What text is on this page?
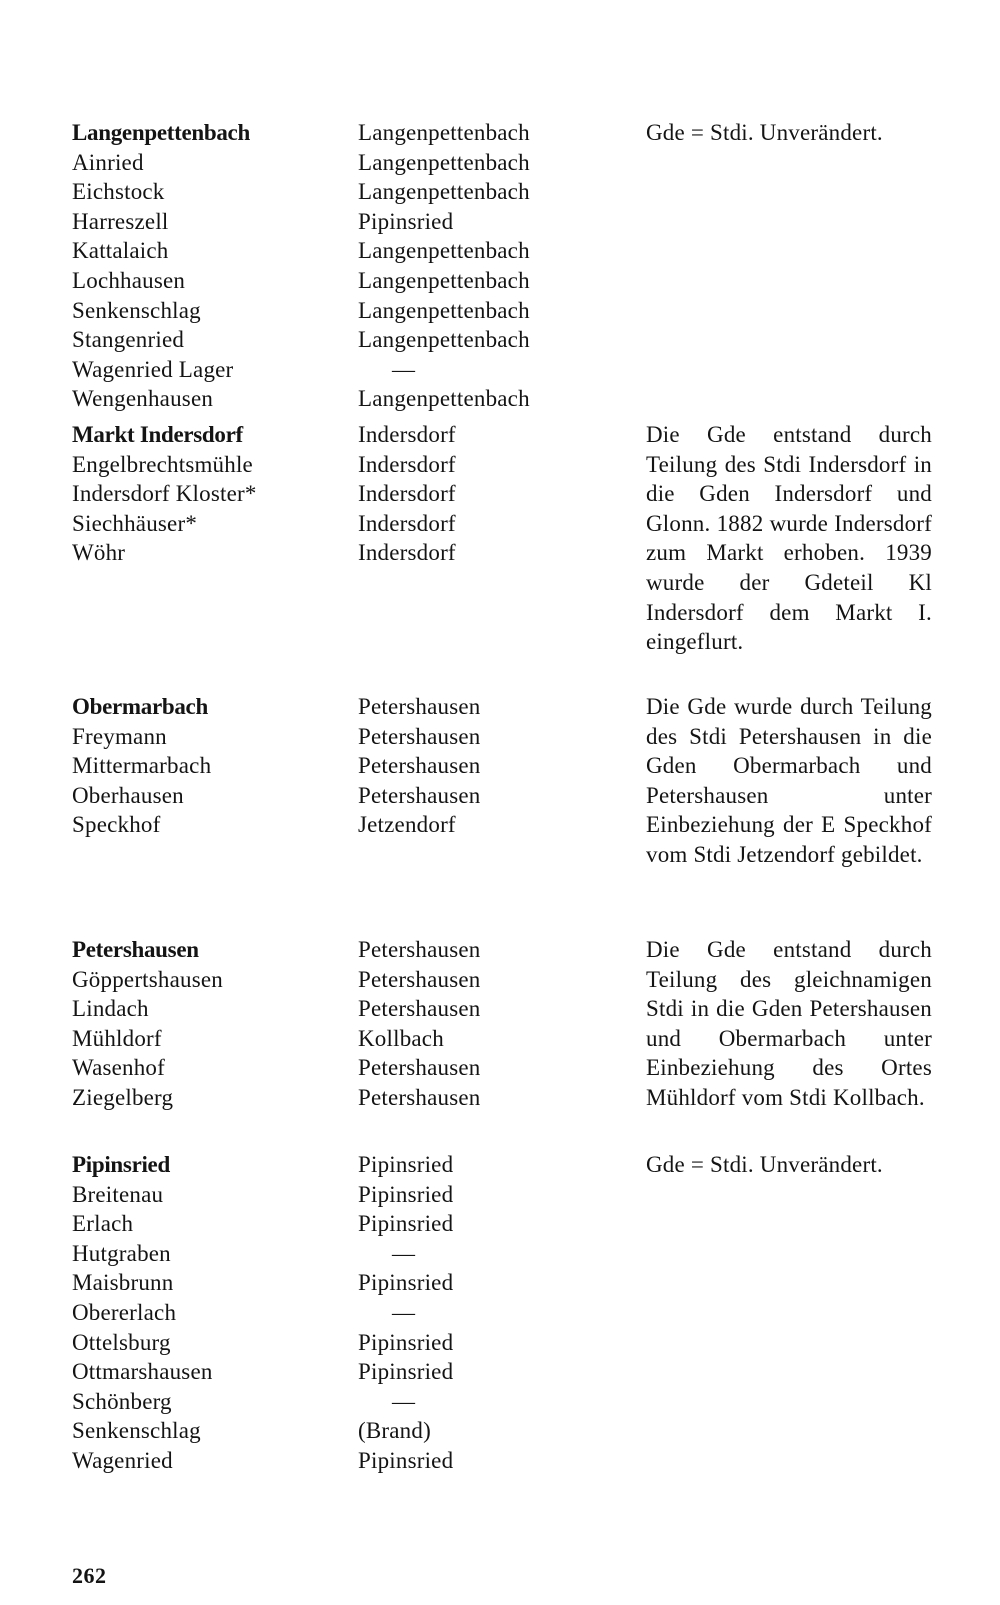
Langenpettenbach
Ainried
Eichstock
Harreszell
Kattalaich
Lochhausen
Senkenschlag
Stangenried
Wagenried Lager
Wengenhausen
Langenpettenbach
Langenpettenbach
Langenpettenbach
Pipinsried
Langenpettenbach
Langenpettenbach
Langenpettenbach
Langenpettenbach
—
Langenpettenbach
Gde = Stdi. Unverändert.
Markt Indersdorf
Engelbrechtsmühle
Indersdorf Kloster*
Siechhäuser*
Wöhr
Indersdorf
Indersdorf
Indersdorf
Indersdorf
Indersdorf
Die Gde entstand durch Teilung des Stdi Indersdorf in die Gden Indersdorf und Glonn. 1882 wurde Indersdorf zum Markt erhoben. 1939 wurde der Gdeteil Kl Indersdorf dem Markt I. eingeflurt.
Obermarbach
Freymann
Mittermarbach
Oberhausen
Speckhof
Petershausen
Petershausen
Petershausen
Petershausen
Jetzendorf
Die Gde wurde durch Teilung des Stdi Petershausen in die Gden Obermarbach und Petershausen unter Einbeziehung der E Speckhof vom Stdi Jetzendorf gebildet.
Petershausen
Göppertshausen
Lindach
Mühldorf
Wasenhof
Ziegelberg
Petershausen
Petershausen
Petershausen
Kollbach
Petershausen
Petershausen
Die Gde entstand durch Teilung des gleichnamigen Stdi in die Gden Petershausen und Obermarbach unter Einbeziehung des Ortes Mühldorf vom Stdi Kollbach.
Pipinsried
Breitenau
Erlach
Hutgraben
Maisbrunn
Obererlach
Ottelsburg
Ottmarshausen
Schönberg
Senkenschlag
Wagenried
Pipinsried
Pipinsried
Pipinsried
—
Pipinsried
—
Pipinsried
Pipinsried
—
(Brand)
Pipinsried
Gde = Stdi. Unverändert.
262
